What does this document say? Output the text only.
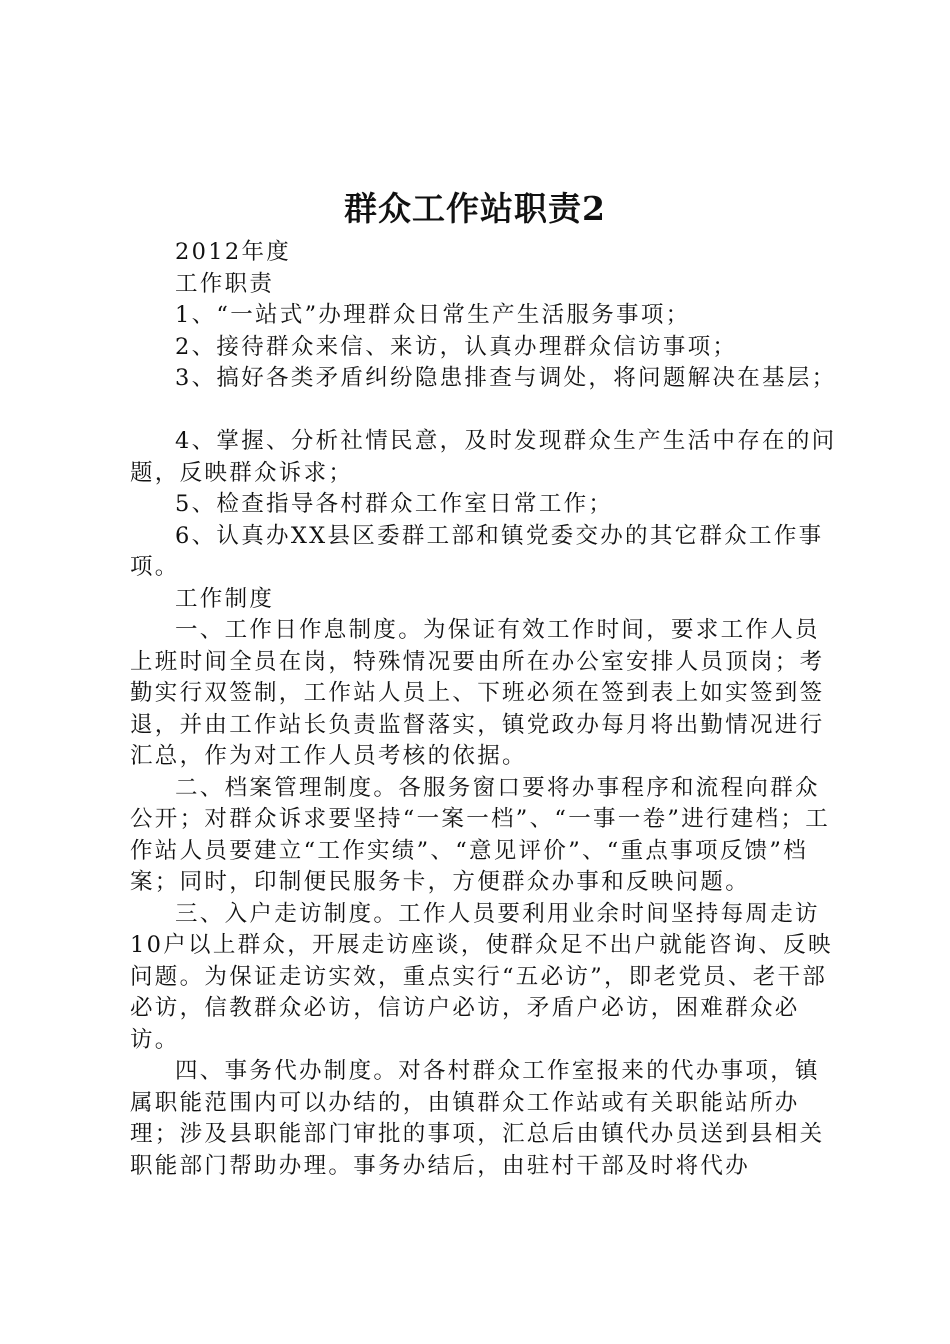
群众工作站职责2

2012年度

工作职责

1、“一站式”办理群众日常生产生活服务事项；

2、接待群众来信、来访，认真办理群众信访事项；

3、搞好各类矛盾纠纷隐患排查与调处，将问题解决在基层；

4、掌握、分析社情民意，及时发现群众生产生活中存在的问题，反映群众诉求；

5、检查指导各村群众工作室日常工作；

6、认真办XX县区委群工部和镇党委交办的其它群众工作事项。

工作制度

一、工作日作息制度。为保证有效工作时间，要求工作人员上班时间全员在岗，特殊情况要由所在办公室安排人员顶岗；考勤实行双签制，工作站人员上、下班必须在签到表上如实签到签退，并由工作站长负责监督落实，镇党政办每月将出勤情况进行汇总，作为对工作人员考核的依据。

二、档案管理制度。各服务窗口要将办事程序和流程向群众公开；对群众诉求要坚持“一案一档”、“一事一卷”进行建档；工作站人员要建立“工作实绩”、“意见评价”、“重点事项反馈”档案；同时，印制便民服务卡，方便群众办事和反映问题。

三、入户走访制度。工作人员要利用业余时间坚持每周走访10户以上群众，开展走访座谈，使群众足不出户就能咨询、反映问题。为保证走访实效，重点实行“五必访”，即老党员、老干部必访，信教群众必访，信访户必访，矛盾户必访，困难群众必访。

四、事务代办制度。对各村群众工作室报来的代办事项，镇属职能范围内可以办结的，由镇群众工作站或有关职能站所办理；涉及县职能部门审批的事项，汇总后由镇代办员送到县相关职能部门帮助办理。事务办结后，由驻村干部及时将代办
